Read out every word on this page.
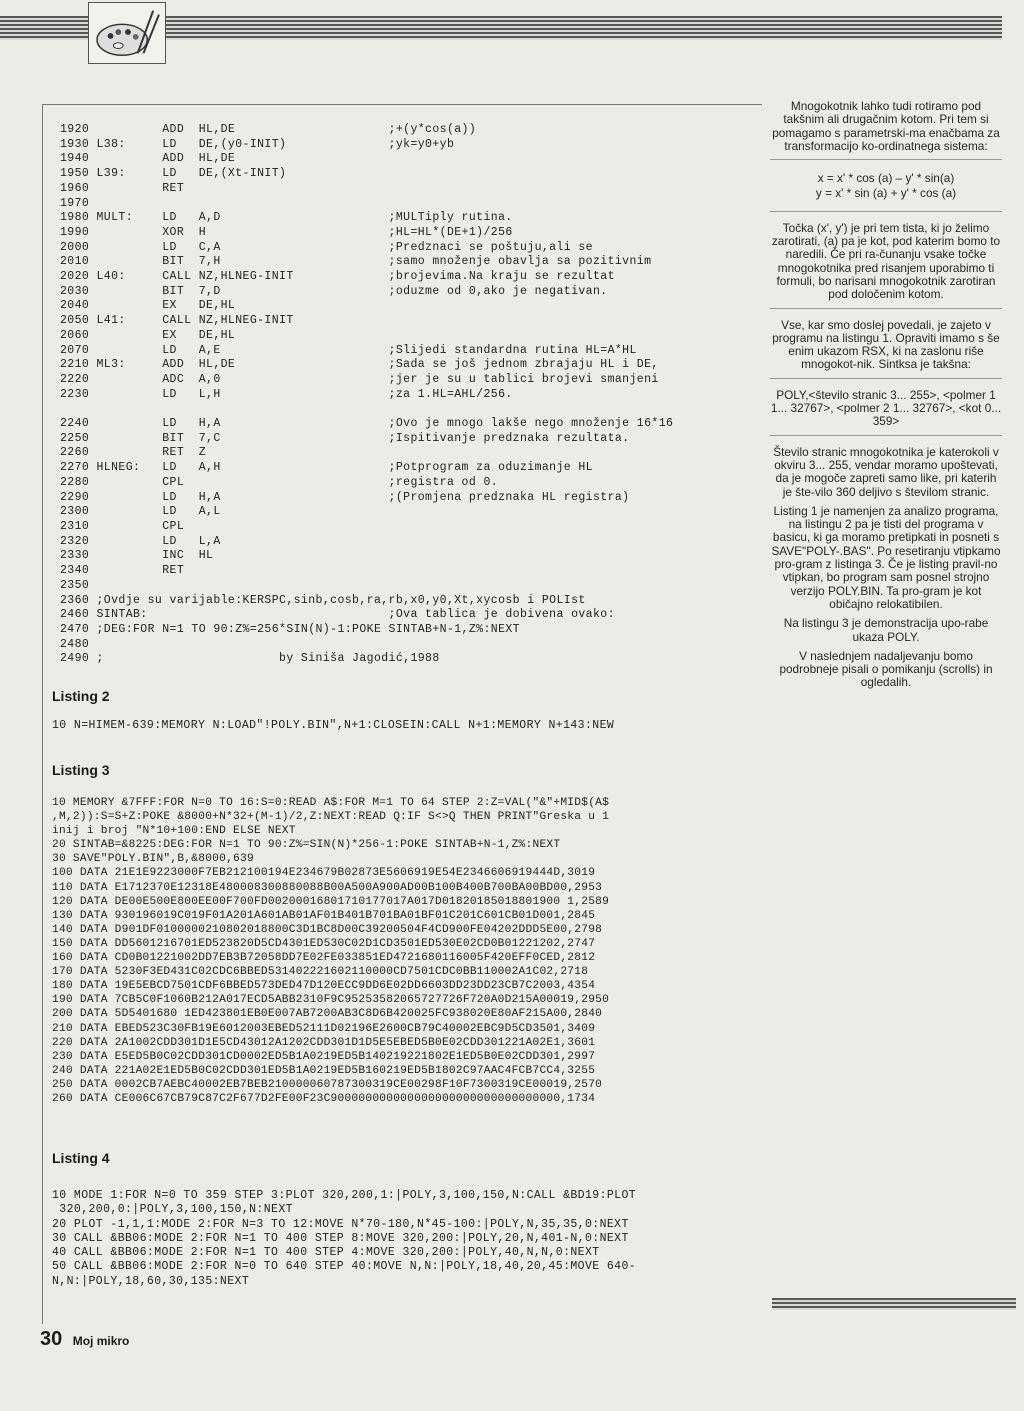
1920          ADD  HL,DE                     ;+(y*cos(a))
1930 L38:     LD   DE,(y0-INIT)              ;yk=y0+yb
1940          ADD  HL,DE
1950 L39:     LD   DE,(Xt-INIT)
1960          RET
1970
1980 MULT:    LD   A,D                       ;MULTiply rutina.
1990          XOR  H                         ;HL=HL*(DE+1)/256
2000          LD   C,A                       ;Predznaci se poštuju,ali se
2010          BIT  7,H                       ;samo množenje obavlja sa pozitivnim
2020 L40:     CALL NZ,HLNEG-INIT             ;brojevima.Na kraju se rezultat
2030          BIT  7,D                       ;oduzme od 0,ako je negativan.
2040          EX   DE,HL
2050 L41:     CALL NZ,HLNEG-INIT
2060          EX   DE,HL
2070          LD   A,E                       ;Slijedi standardna rutina HL=A*HL
2210 ML3:     ADD  HL,DE                     ;Sada se još jednom zbrajaju HL i DE,
2220          ADC  A,0                       ;jer je su u tablici brojevi smanjeni
2230          LD   L,H                       ;za 1.HL=AHL/256.

2240          LD   H,A                       ;Ovo je mnogo lakše nego množenje 16*16
2250          BIT  7,C                       ;Ispitivanje predznaka rezultata.
2260          RET  Z
2270 HLNEG:   LD   A,H                       ;Potprogram za oduzimanje HL
2280          CPL                            ;registra od 0.
2290          LD   H,A                       ;(Promjena predznaka HL registra)
2300          LD   A,L
2310          CPL
2320          LD   L,A
2330          INC  HL
2340          RET
2350
2360 ;Ovdje su varijable:KERSPC,sinb,cosb,ra,rb,x0,y0,Xt,xycosb i POLIst
2460 SINTAB:                                 ;Ova tablica je dobivena ovako:
2470 ;DEG:FOR N=1 TO 90:Z%=256*SIN(N)-1:POKE SINTAB+N-1,Z%:NEXT
2480
2490 ;                        by Siniša Jagodić,1988
Listing 2
10 N=HIMEM-639:MEMORY N:LOAD"!POLY.BIN",N+1:CLOSEIN:CALL N+1:MEMORY N+143:NEW
Listing 3
10 MEMORY &7FFF:FOR N=0 TO 16:S=0:READ A$:FOR M=1 TO 64 STEP 2:Z=VAL("&"+MID$(A$
,M,2)):S=S+Z:POKE &8000+N*32+(M-1)/2,Z:NEXT:READ Q:IF S<>Q THEN PRINT"Greska u 1
inij i broj "N*10+100:END ELSE NEXT
20 SINTAB=&8225:DEG:FOR N=1 TO 90:Z%=SIN(N)*256-1:POKE SINTAB+N-1,Z%:NEXT
30 SAVE"POLY.BIN",B,&8000,639
100 DATA 21E1E9223000F7EB212100194E234679B02873E5606919E54E2346606919444D,3019
110 DATA E1712370E12318E480008300880088B00A500A900AD00B100B400B700BA00BD00,2953
120 DATA DE00E500E800EE00F700FD00200016801710177017A017D01820185018801900 1,2589
130 DATA 930196019C019F01A201A601AB01AF01B401B701BA01BF01C201C601CB01D001,2845
140 DATA D901DF0100000210802018800C3D1BC8D00C39200504F4CD900FE04202DDD5E00,2798
150 DATA DD5601216701ED523820D5CD4301ED530C02D1CD3501ED530E02CD0B01221202,2747
160 DATA CD0B01221002DD7EB3B72058DD7E02FE033851ED4721680116005F420EFF0CED,2812
170 DATA 5230F3ED431C02CDC6BBED531402221602110000CD7501CDC0BB110002A1C02,2718
180 DATA 19E5EBCD7501CDF6BBED573DED47D120ECC9DD6E02DD6603DD23DD23CB7C2003,4354
190 DATA 7CB5C0F1060B212A017ECD5ABB2310F9C95253582065727726F720A0D215A00019,2950
200 DATA 5D5401680 1ED423801EB0E007AB7200AB3C8D6B420025FC938020E80AF215A00,2840
210 DATA EBED523C30FB19E6012003EBED52111D02196E2600CB79C40002EBC9D5CD3501,3409
220 DATA 2A1002CDD301D1E5CD43012A1202CDD301D1D5E5EBED5B0E02CDD301221A02E1,3601
230 DATA E5ED5B0C02CDD301CD0002ED5B1A0219ED5B140219221802E1ED5B0E02CDD301,2997
240 DATA 221A02E1ED5B0C02CDD301ED5B1A0219ED5B160219ED5B1802C97AAC4FCB7CC4,3255
250 DATA 0002CB7AEBC40002EB7BEB210000060787300319CE00298F10F7300319CE00019,2570
260 DATA CE006C67CB79C87C2F677D2FE00F23C900000000000000000000000000000000,1734
Listing 4
10 MODE 1:FOR N=0 TO 359 STEP 3:PLOT 320,200,1:|POLY,3,100,150,N:CALL &BD19:PLOT
320,200,0:|POLY,3,100,150,N:NEXT
20 PLOT -1,1,1:MODE 2:FOR N=3 TO 12:MOVE N*70-180,N*45-100:|POLY,N,35,35,0:NEXT
30 CALL &BB06:MODE 2:FOR N=1 TO 400 STEP 8:MOVE 320,200:|POLY,20,N,401-N,0:NEXT
40 CALL &BB06:MODE 2:FOR N=1 TO 400 STEP 4:MOVE 320,200:|POLY,40,N,N,0:NEXT
50 CALL &BB06:MODE 2:FOR N=0 TO 640 STEP 40:MOVE N,N:|POLY,18,40,20,45:MOVE 640-
N,N:|POLY,18,60,30,135:NEXT

Mnogokotnik lahko tudi rotiramo pod takšnim ali drugačnim kotom. Pri tem si pomagamo s parametrski-ma enačbama za transformacijo ko-ordinatnega sistema:

x = x' * cos (a) – y' * sin(a)

y = x' * sin (a) + y' * cos (a)

Točka (x', y') je pri tem tista, ki jo želimo zarotirati, (a) pa je kot, pod katerim bomo to naredili. Če pri ra-čunanju vsake točke mnogokotnika pred risanjem uporabimo ti formuli, bo narisani mnogokotnik zarotiran pod določenim kotom.

Vse, kar smo doslej povedali, je zajeto v programu na listingu 1. Opraviti imamo s še enim ukazom RSX, ki na zaslonu riše mnogokot-nik. Sintksa je takšna:

POLY,<število stranic 3... 255>, <polmer 1 1... 32767>, <polmer 2 1... 32767>, <kot 0... 359>

Število stranic mnogokotnika je katerokoli v okviru 3... 255, vendar moramo upoštevati, da je mogoče zapreti samo like, pri katerih je šte-vilo 360 deljivo s številom stranic.

Listing 1 je namenjen za analizo programa, na listingu 2 pa je tisti del programa v basicu, ki ga moramo pretipkati in posneti s SAVE"POLY-.BAS". Po resetiranju vtipkamo pro-gram z listinga 3. Če je listing pravil-no vtipkan, bo program sam posnel strojno verzijo POLY.BIN. Ta pro-gram je kot običajno relokatibilen.

Na listingu 3 je demonstracija upo-rabe ukaza POLY.

V naslednjem nadaljevanju bomo podrobneje pisali o pomikanju (scrolls) in ogledalih.

30 Moj mikro
